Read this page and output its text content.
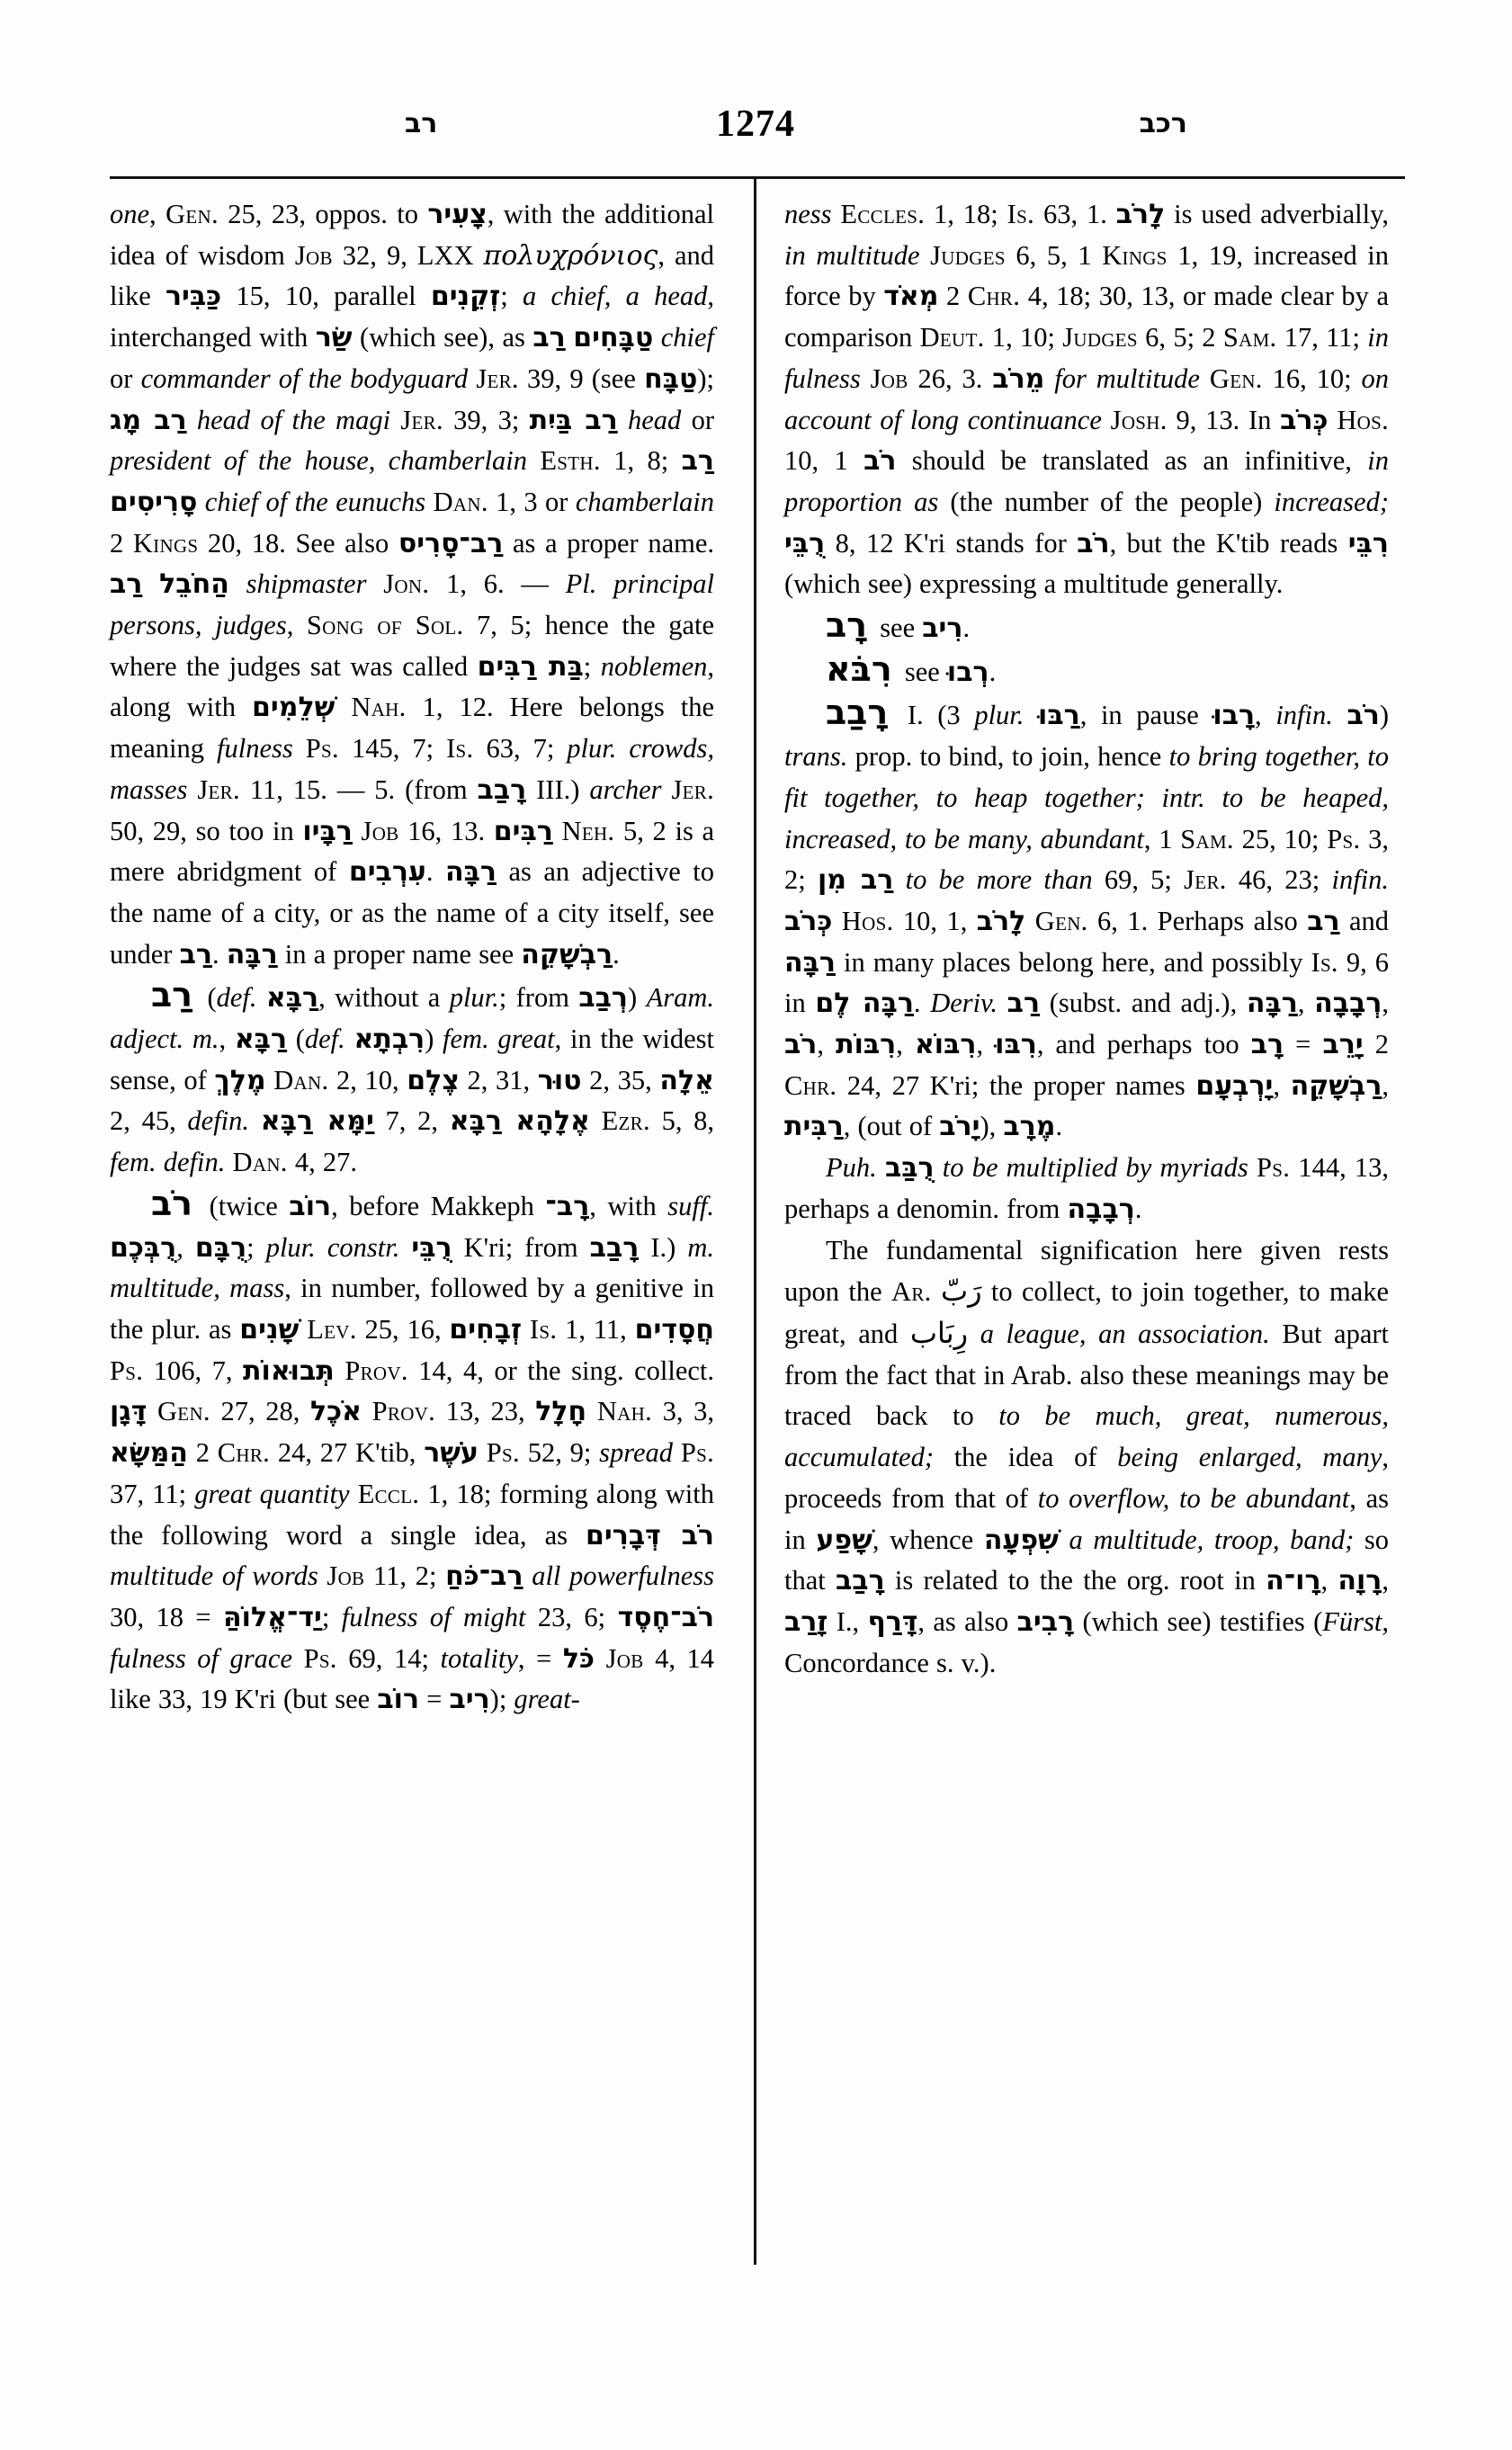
רב	1274	רכב

one, Gen. 25, 23, oppos. to צָעִיר, with the additional idea of wisdom Job 32, 9, LXX πολυχρόνιος, and like כַּבִּיר 15, 10, parallel זְקֵנִים; a chief, a head, interchanged with שַׂר (which see), as רַב טַבָּחִים chief or commander of the bodyguard Jer. 39, 9 (see טַבָּח); רַב מָג head of the magi Jer. 39, 3; רַב בַּיִת head or president of the house, chamberlain Esth. 1, 8; רַב סָרִיסִים chief of the eunuchs Dan. 1, 3 or chamberlain 2 Kings 20, 18. See also רַב־סָרִיס as a proper name. רַב הַחֹבֵל shipmaster Jon. 1, 6. — Pl. principal persons, judges, Song of Sol. 7, 5; hence the gate where the judges sat was called בַּת רַבִּים; noblemen, along with שְׁלֵמִים Nah. 1, 12. Here belongs the meaning fulness Ps. 145, 7; Is. 63, 7; plur. crowds, masses Jer. 11, 15. — 5. (from רָבַב III.) archer Jer. 50, 29, so too in רַבָּיו Job 16, 13. רַבִּים Neh. 5, 2 is a mere abridgment of עִרְבִים. רַבָּה as an adjective to the name of a city, or as the name of a city itself, see under רַב. רַבָּה in a proper name see רַבְשָׁקֵה.

רַב (def. רַבָּא, without a plur.; from רְבַב) Aram. adject. m., רַבָּא (def. רִבְתָא) fem. great, in the widest sense, of מֶלֶךְ Dan. 2, 10, צֶלֶם 2, 31, טוּר 2, 35, אֵלָה 2, 45, defin. יַמָּא רַבָּא 7, 2, אֶלָהָא רַבָּא Ezr. 5, 8, fem. defin. Dan. 4, 27.

רֹב (twice רוֹב, before Makkeph רָב־, with suff. רֻבְּכֶם, רֻבָּם; plur. constr. רֻבֵּי K'ri; from רָבַב I.) m. multitude, mass, in number, followed by a genitive in the plur. as שָׁנִים Lev. 25, 16, זְבָחִים Is. 1, 11, חֲסָדִים Ps. 106, 7, תְּבוּאוֹת Prov. 14, 4, or the sing. collect. דָּגָן Gen. 27, 28, אֹכֶל Prov. 13, 23, חָלָל Nah. 3, 3, הַמַּשָּׂא 2 Chr. 24, 27 K'tib, עֹשֶׁר Ps. 52, 9; spread Ps. 37, 11; great quantity Eccl. 1, 18; forming along with the following word a single idea, as רֹב דְּבָרִים multitude of words Job 11, 2; רַב־כֹּחַ all powerfulness 30, 18 = יַד־אֱלוֹהַּ; fulness of might 23, 6; רֹב־חֶסֶד fulness of grace Ps. 69, 14; totality, = כֹּל Job 4, 14 like 33, 19 K'ri (but see רוֹב = רִיב); great-

ness Eccles. 1, 18; Is. 63, 1. לָרֹב is used adverbially, in multitude Judges 6, 5, 1 Kings 1, 19, increased in force by מְאֹד 2 Chr. 4, 18; 30, 13, or made clear by a comparison Deut. 1, 10; Judges 6, 5; 2 Sam. 17, 11; in fulness Job 26, 3. מֵרֹב for multitude Gen. 16, 10; on account of long continuance Josh. 9, 13. In כְּרֹב Hos. 10, 1 רֹב should be translated as an infinitive, in proportion as (the number of the people) increased; רֻבֵּי 8, 12 K'ri stands for רֹב, but the K'tib reads רִבֵּי (which see) expressing a multitude generally.

רָב see רִיב.

רִבֹּא see רְבוּ.

רָבַב I. (3 plur. רַבּוּ, in pause רָבוּ, infin. רֹב) trans. prop. to bind, to join, hence to bring together, to fit together, to heap together; intr. to be heaped, increased, to be many, abundant, 1 Sam. 25, 10; Ps. 3, 2; רַב מִן to be more than 69, 5; Jer. 46, 23; infin. כְּרֹב Hos. 10, 1, לָרֹב Gen. 6, 1. Perhaps also רַב and רַבָּה in many places belong here, and possibly Is. 9, 6 in רַבָּה לֶם. Deriv. רַב (subst. and adj.), רַבָּה, רְבָבָה, רֹב, רִבּוֹת, רִבּוֹא, רִבּוּ, and perhaps too רָב = יָרֵב 2 Chr. 24, 27 K'ri; the proper names יָרְבְעָם, רַבְשָׁקֵה, רַבִּית, (out of יָרֹב), מֶרָב.

Puh. רֻבַּב to be multiplied by myriads Ps. 144, 13, perhaps a denomin. from רְבָבָה.

The fundamental signification here given rests upon the Ar. رَبّ to collect, to join together, to make great, and رِبَاب a league, an association. But apart from the fact that in Arab. also these meanings may be traced back to to be much, great, numerous, accumulated; the idea of being enlarged, many, proceeds from that of to overflow, to be abundant, as in שָׁפַע, whence שִׁפְעָה a multitude, troop, band; so that רָבַב is related to the the org. root in רָו־ה, רָוָה, זָרַב I., דָּרַף, as also רָבִיב (which see) testifies (Fürst, Concordance s. v.).
